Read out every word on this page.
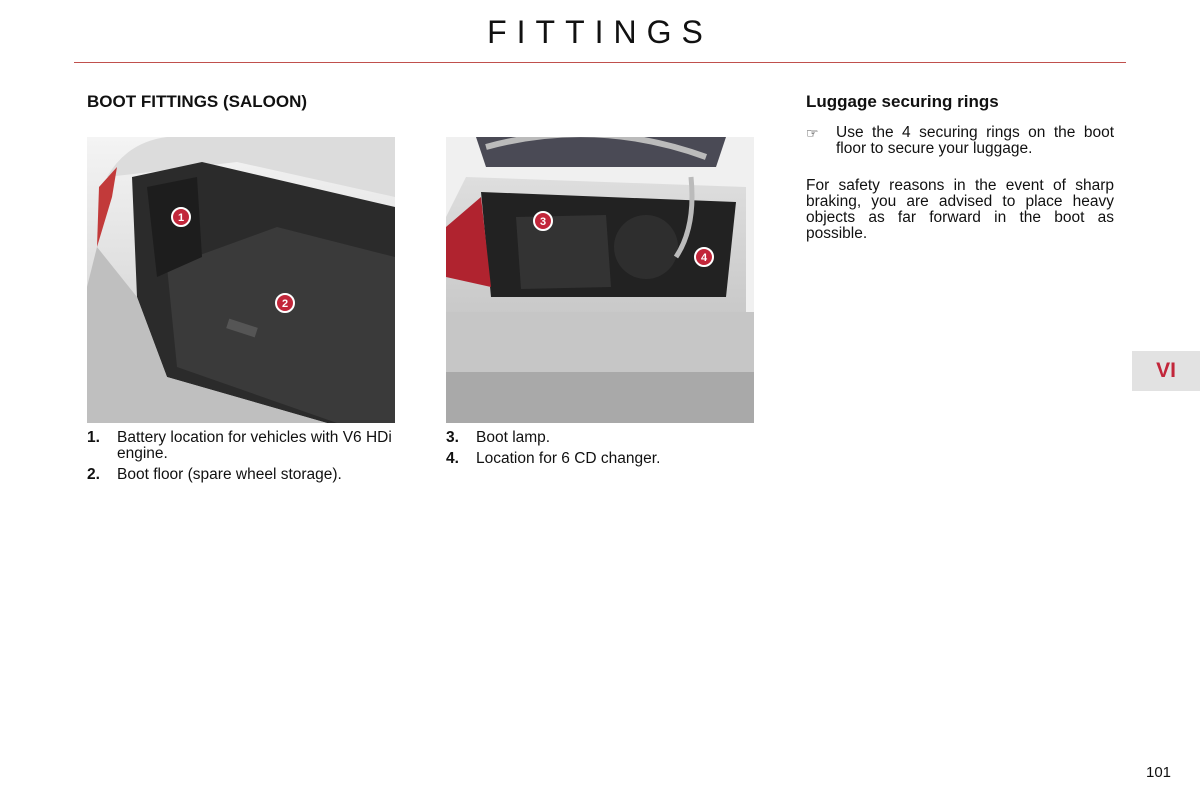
FITTINGS
BOOT FITTINGS (SALOON)
1
2
3
4
1.	Battery location for vehicles with V6 HDi engine.
2.	Boot floor (spare wheel storage).
3.	Boot lamp.
4.	Location for 6 CD changer.
Luggage securing rings
☞	Use the 4 securing rings on the boot floor to secure your luggage.

For safety reasons in the event of sharp braking, you are advised to place heavy objects as far forward in the boot as possible.

VI
101
